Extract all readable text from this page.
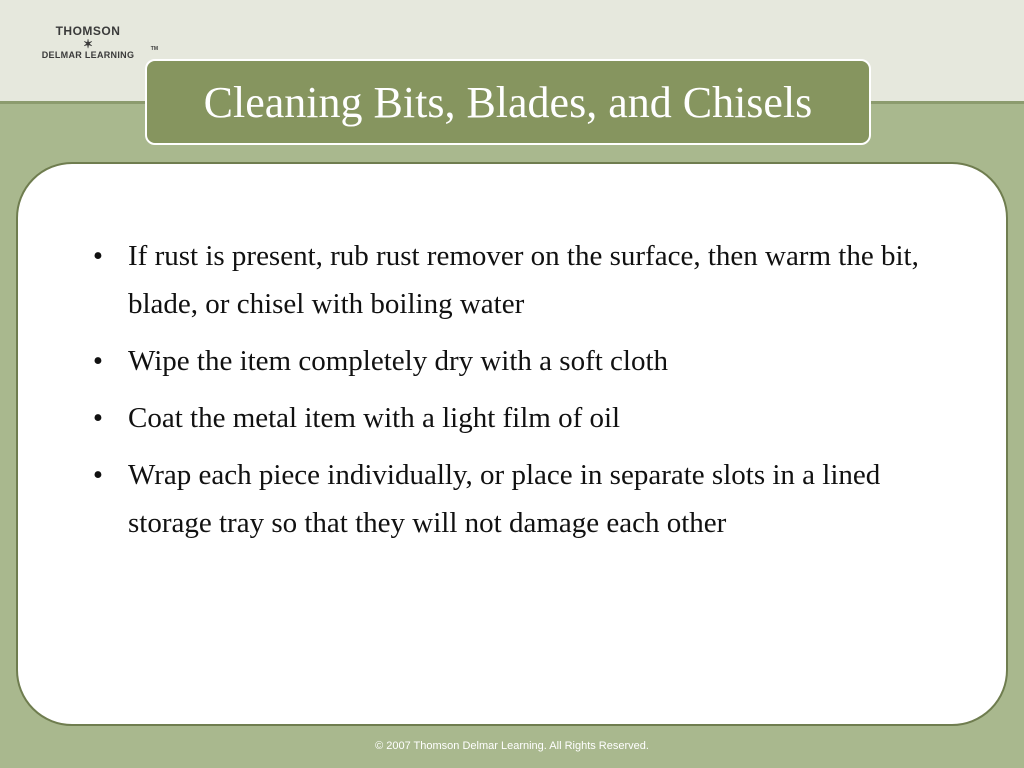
THOMSON
✶
DELMAR LEARNING
TM
Cleaning Bits, Blades, and Chisels
• If rust is present, rub rust remover on the surface, then warm the bit, blade, or chisel with boiling water
• Wipe the item completely dry with a soft cloth
• Coat the metal item with a light film of oil
• Wrap each piece individually, or place in separate slots in a lined storage tray so that they will not damage each other
© 2007 Thomson Delmar Learning. All Rights Reserved.
